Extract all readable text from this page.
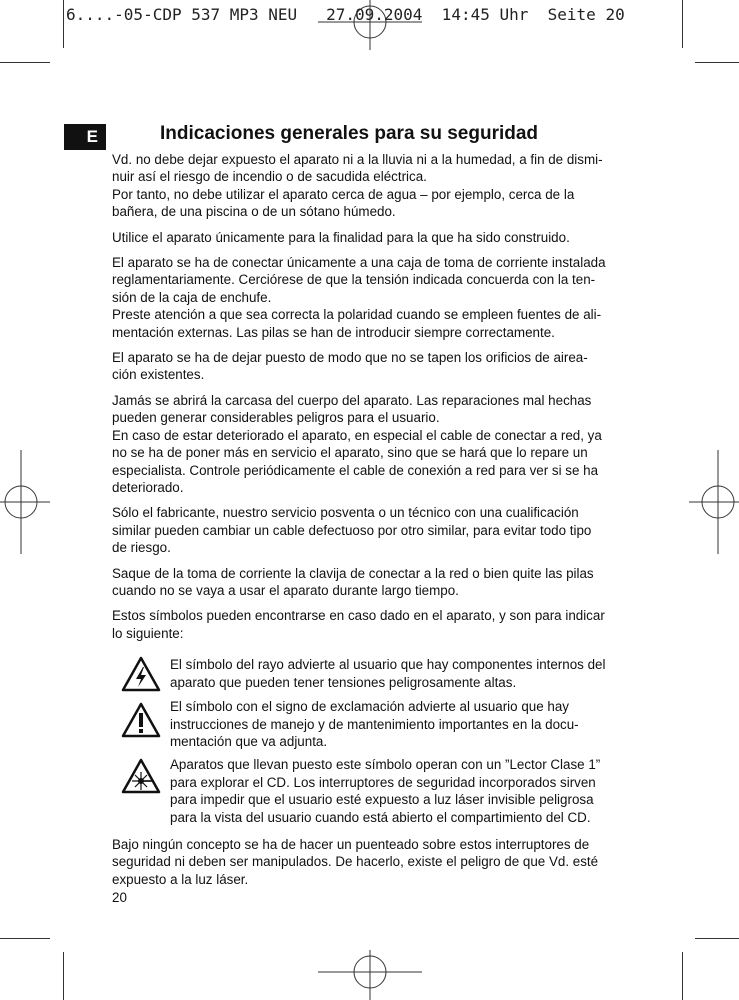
6....-05-CDP 537 MP3 NEU   27.09.2004  14:45 Uhr  Seite 20
E	Indicaciones generales para su seguridad

Vd. no debe dejar expuesto el aparato ni a la lluvia ni a la humedad, a fin de dismi-
nuir así el riesgo de incendio o de sacudida eléctrica.
Por tanto, no debe utilizar el aparato cerca de agua – por ejemplo, cerca de la
bañera, de una piscina o de un sótano húmedo.

Utilice el aparato únicamente para la finalidad para la que ha sido construido.

El aparato se ha de conectar únicamente a una caja de toma de corriente instalada
reglamentariamente. Cerciórese de que la tensión indicada concuerda con la ten-
sión de la caja de enchufe.
Preste atención a que sea correcta la polaridad cuando se empleen fuentes de ali-
mentación externas. Las pilas se han de introducir siempre correctamente.

El aparato se ha de dejar puesto de modo que no se tapen los orificios de airea-
ción existentes.

Jamás se abrirá la carcasa del cuerpo del aparato. Las reparaciones mal hechas
pueden generar considerables peligros para el usuario.
En caso de estar deteriorado el aparato, en especial el cable de conectar a red, ya
no se ha de poner más en servicio el aparato, sino que se hará que lo repare un
especialista. Controle periódicamente el cable de conexión a red para ver si se ha
deteriorado.

Sólo el fabricante, nuestro servicio posventa o un técnico con una cualificación
similar pueden cambiar un cable defectuoso por otro similar, para evitar todo tipo
de riesgo.

Saque de la toma de corriente la clavija de conectar a la red o bien quite las pilas
cuando no se vaya a usar el aparato durante largo tiempo.

Estos símbolos pueden encontrarse en caso dado en el aparato, y son para indicar
lo siguiente:

El símbolo del rayo advierte al usuario que hay componentes internos del
aparato que pueden tener tensiones peligrosamente altas.
El símbolo con el signo de exclamación advierte al usuario que hay
instrucciones de manejo y de mantenimiento importantes en la docu-
mentación que va adjunta.
Aparatos que llevan puesto este símbolo operan con un ”Lector Clase 1”
para explorar el CD. Los interruptores de seguridad incorporados sirven
para impedir que el usuario esté expuesto a luz láser invisible peligrosa
para la vista del usuario cuando está abierto el compartimiento del CD.

Bajo ningún concepto se ha de hacer un puenteado sobre estos interruptores de
seguridad ni deben ser manipulados. De hacerlo, existe el peligro de que Vd. esté
expuesto a la luz láser.

20
